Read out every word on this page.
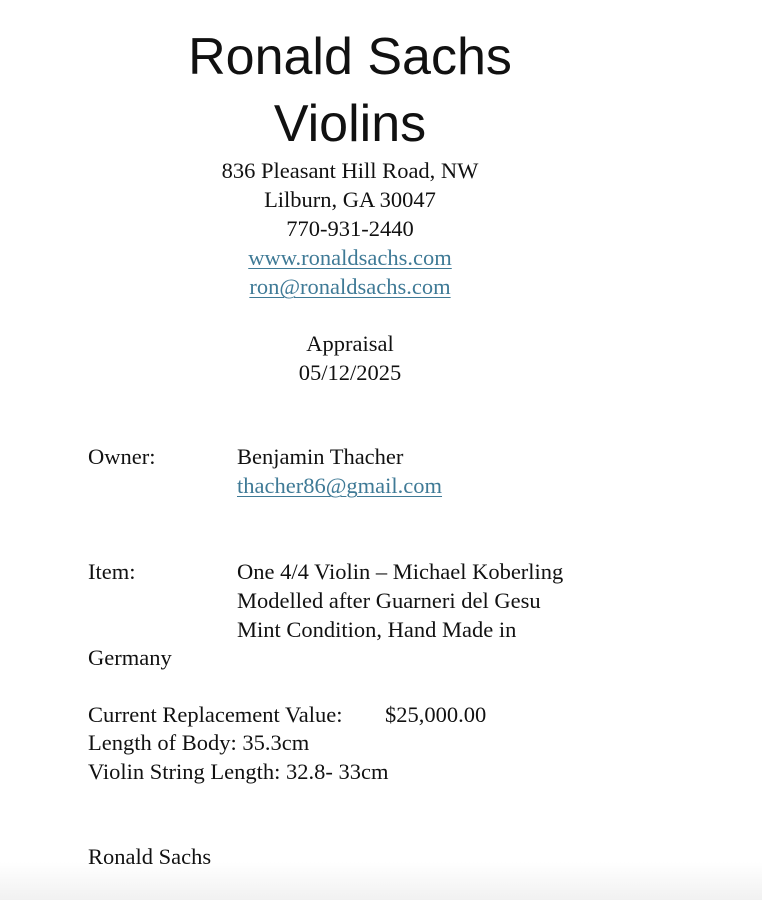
Ronald Sachs
Violins
836 Pleasant Hill Road, NW
Lilburn, GA 30047
770-931-2440
www.ronaldsachs.com
ron@ronaldsachs.com
Appraisal
05/12/2025
Owner:	Benjamin Thacher
thacher86@gmail.com
Item:	One 4/4 Violin – Michael Koberling
Modelled after Guarneri del Gesu
Mint Condition, Hand Made in
Germany
Current Replacement Value: $25,000.00
Length of Body: 35.3cm
Violin String Length: 32.8- 33cm
Ronald Sachs
